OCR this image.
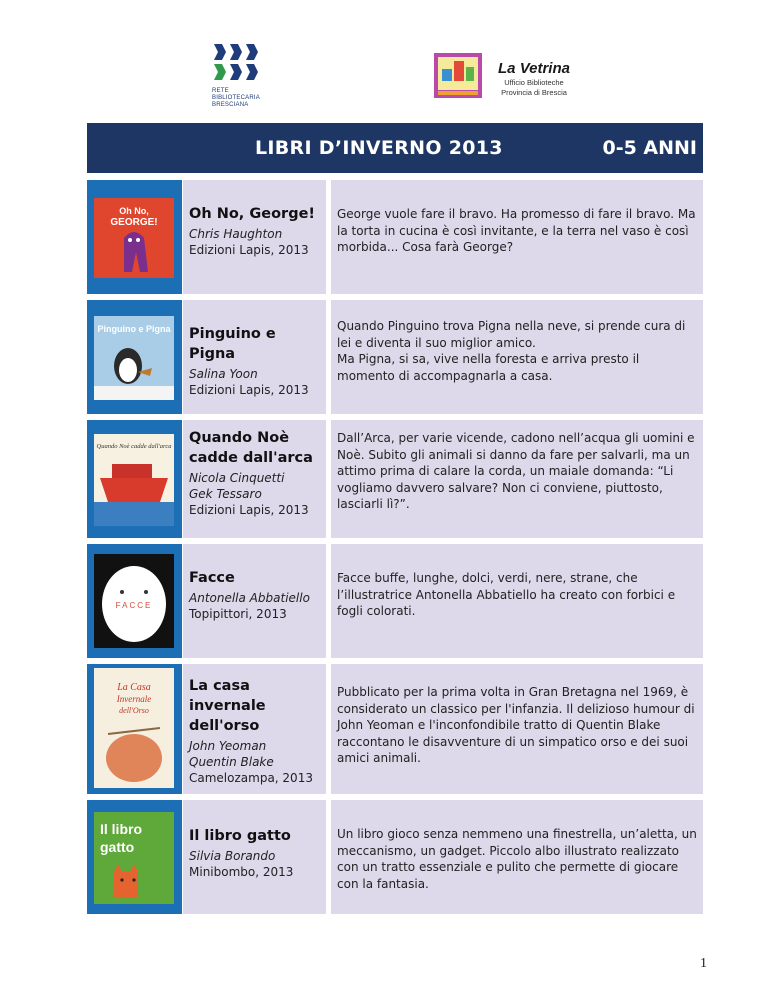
RETE BIBLIOTECARIA BRESCIANA
La Vetrina
Ufficio Biblioteche
Provincia di Brescia
LIBRI D’INVERNO 2013	0-5 ANNI
Oh No,
GEORGE!
Oh No, George!
Chris Haughton
Edizioni Lapis, 2013
George vuole fare il bravo. Ha promesso di fare il bravo. Ma la torta in cucina è così invitante, e la terra nel vaso è così morbida... Cosa farà George?
Pinguino e Pigna Pinguino e Pigna
Salina Yoon
Edizioni Lapis, 2013
Quando Pinguino trova Pigna nella neve, si prende cura di lei e diventa il suo miglior amico.
Ma Pigna, si sa, vive nella foresta e arriva presto il momento di accompagnarla a casa.
Quando Noè cadde dall'arca
Quando Noè cadde dall'arca
Nicola Cinquetti
Gek Tessaro
Edizioni Lapis, 2013
Dall’Arca, per varie vicende, cadono nell’acqua gli uomini e Noè. Subito gli animali si danno da fare per salvarli, ma un attimo prima di calare la corda, un maiale domanda: “Li vogliamo davvero salvare? Non ci conviene, piuttosto, lasciarli lì?”.
FACCE
Facce
Antonella Abbatiello
Topipittori, 2013
Facce buffe, lunghe, dolci, verdi, nere, strane, che l’illustratrice Antonella Abbatiello ha creato con forbici e fogli colorati.
La Casa
Invernale
dell'Orso
La casa invernale dell'orso
John Yeoman
Quentin Blake
Camelozampa, 2013
Pubblicato per la prima volta in Gran Bretagna nel 1969, è considerato un classico per l'infanzia. Il delizioso humour di John Yeoman e l'inconfondibile tratto di Quentin Blake raccontano le disavventure di un simpatico orso e dei suoi amici animali.
Il libro
gatto
Il libro gatto
Silvia Borando
Minibombo, 2013
Un libro gioco senza nemmeno una finestrella, un’aletta, un meccanismo, un gadget. Piccolo albo illustrato realizzato con un tratto essenziale e pulito che permette di giocare con la fantasia.
1
